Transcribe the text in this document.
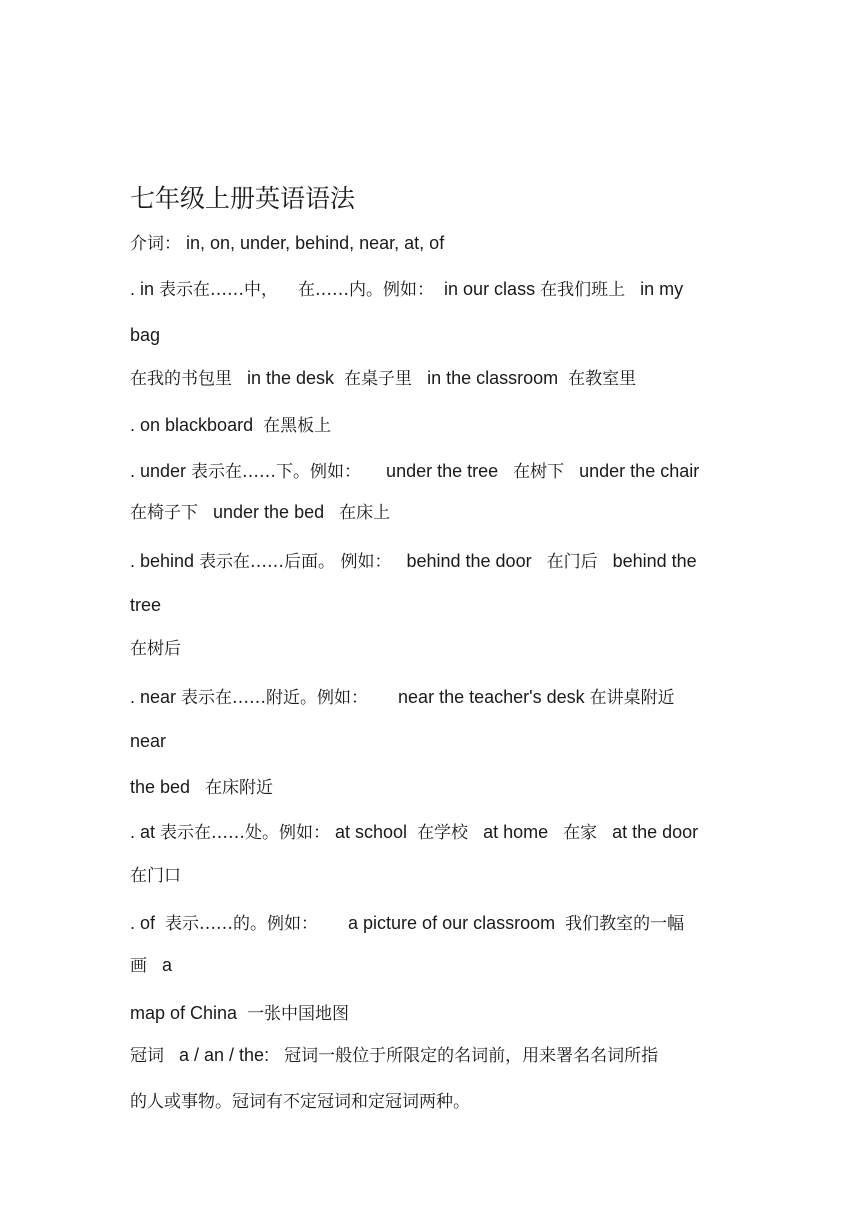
七年级上册英语语法
介词： in, on, under, behind, near, at, of
. in 表示在……中， 在……内。例如：  in our class 在我们班上   in my
bag
在我的书包里   in the desk  在桌子里   in the classroom  在教室里
. on blackboard  在黑板上
. under 表示在……下。例如：     under the tree   在树下   under the chair
在椅子下   under the bed   在床上
. behind 表示在……后面。 例如：   behind the door   在门后   behind the
tree
在树后
. near 表示在……附近。例如：      near the teacher's desk 在讲桌附近
near
the bed   在床附近
. at 表示在……处。例如： at school  在学校   at home   在家   at the door
在门口
. of  表示……的。例如：      a picture of our classroom  我们教室的一幅
画   a
map of China  一张中国地图
冠词   a / an / the:   冠词一般位于所限定的名词前，用来署名名词所指
的人或事物。冠词有不定冠词和定冠词两种。
